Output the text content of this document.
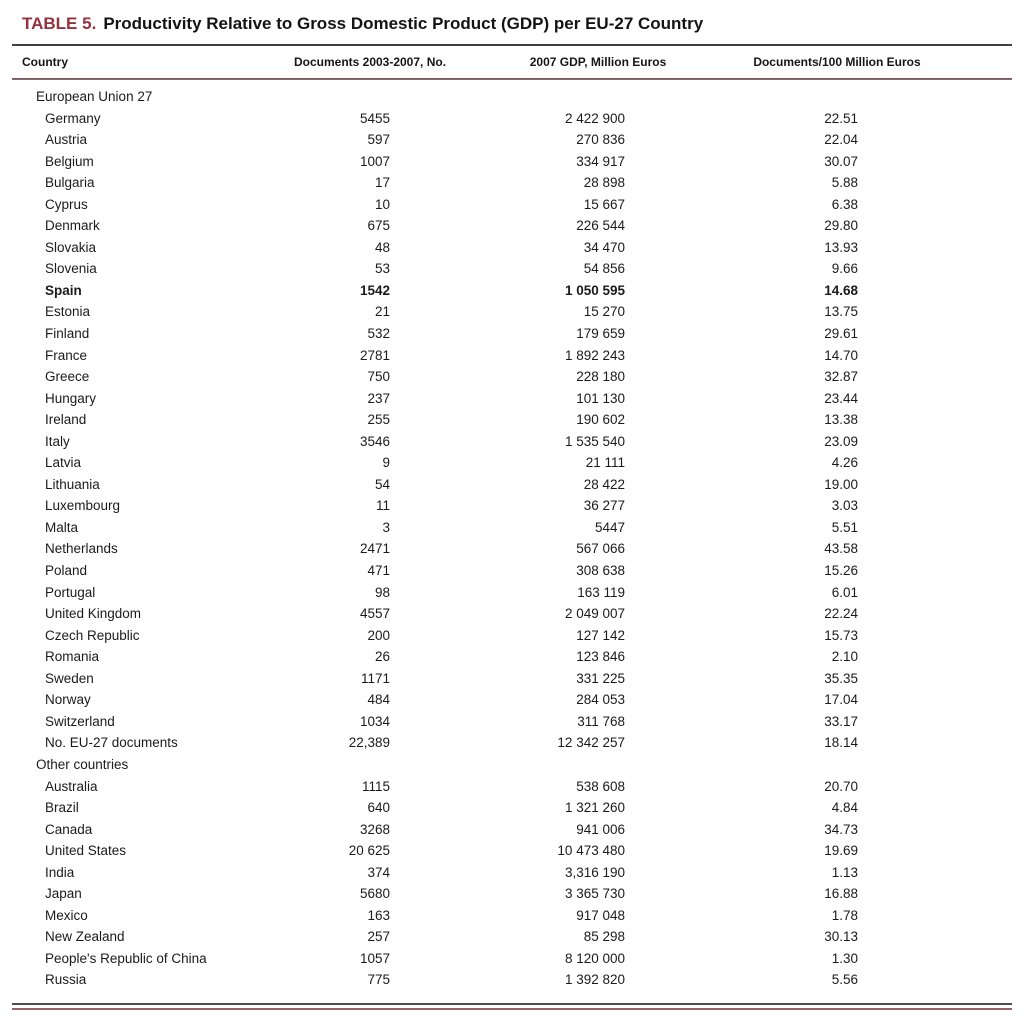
TABLE 5. Productivity Relative to Gross Domestic Product (GDP) per EU-27 Country
Country	Documents 2003-2007, No.	2007 GDP, Million Euros	Documents/100 Million Euros
European Union 27
Germany	5455	2 422 900	22.51
Austria	597	270 836	22.04
Belgium	1007	334 917	30.07
Bulgaria	17	28 898	5.88
Cyprus	10	15 667	6.38
Denmark	675	226 544	29.80
Slovakia	48	34 470	13.93
Slovenia	53	54 856	9.66
Spain	1542	1 050 595	14.68
Estonia	21	15 270	13.75
Finland	532	179 659	29.61
France	2781	1 892 243	14.70
Greece	750	228 180	32.87
Hungary	237	101 130	23.44
Ireland	255	190 602	13.38
Italy	3546	1 535 540	23.09
Latvia	9	21 111	4.26
Lithuania	54	28 422	19.00
Luxembourg	11	36 277	3.03
Malta	3	5447	5.51
Netherlands	2471	567 066	43.58
Poland	471	308 638	15.26
Portugal	98	163 119	6.01
United Kingdom	4557	2 049 007	22.24
Czech Republic	200	127 142	15.73
Romania	26	123 846	2.10
Sweden	1171	331 225	35.35
Norway	484	284 053	17.04
Switzerland	1034	311 768	33.17
No. EU-27 documents	22,389	12 342 257	18.14
Other countries
Australia	1115	538 608	20.70
Brazil	640	1 321 260	4.84
Canada	3268	941 006	34.73
United States	20 625	10 473 480	19.69
India	374	3,316 190	1.13
Japan	5680	3 365 730	16.88
Mexico	163	917 048	1.78
New Zealand	257	85 298	30.13
People's Republic of China	1057	8 120 000	1.30
Russia	775	1 392 820	5.56
